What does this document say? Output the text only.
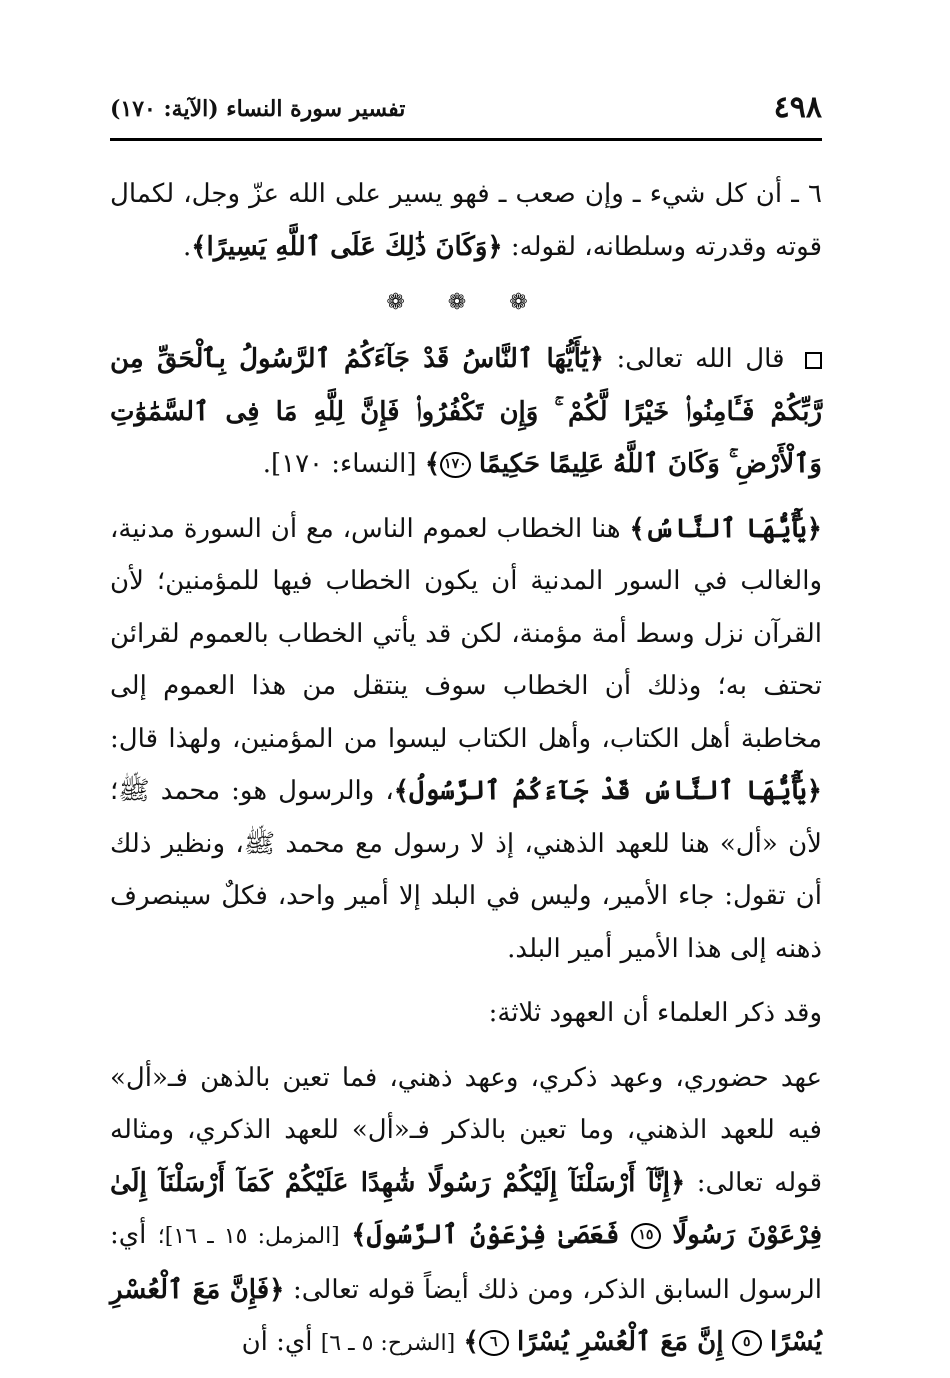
٤٩٨
تفسير سورة النساء (الآية: ١٧٠)

٦ ـ أن كل شيء ـ وإن صعب ـ فهو يسير على الله عزّ وجل، لكمال قوته وقدرته وسلطانه، لقوله: ﴿وَكَانَ ذَٰلِكَ عَلَى ٱللَّهِ يَسِيرًا﴾.

❁ ❁ ❁

قال الله تعالى: ﴿يَٰٓأَيُّهَا ٱلنَّاسُ قَدْ جَآءَكُمُ ٱلرَّسُولُ بِٱلْحَقِّ مِن رَّبِّكُمْ فَـَٔامِنُوا۟ خَيْرًا لَّكُمْ ۚ وَإِن تَكْفُرُوا۟ فَإِنَّ لِلَّهِ مَا فِى ٱلسَّمَٰوَٰتِ وَٱلْأَرْضِ ۚ وَكَانَ ٱللَّهُ عَلِيمًا حَكِيمًا ١٧٠﴾ [النساء: ١٧٠].

﴿يَٰٓأَيُّهَا ٱلنَّاسُ﴾ هنا الخطاب لعموم الناس، مع أن السورة مدنية، والغالب في السور المدنية أن يكون الخطاب فيها للمؤمنين؛ لأن القرآن نزل وسط أمة مؤمنة، لكن قد يأتي الخطاب بالعموم لقرائن تحتف به؛ وذلك أن الخطاب سوف ينتقل من هذا العموم إلى مخاطبة أهل الكتاب، وأهل الكتاب ليسوا من المؤمنين، ولهذا قال: ﴿يَٰٓأَيُّهَا ٱلنَّاسُ قَدْ جَآءَكُمُ ٱلرَّسُولُ﴾، والرسول هو: محمد ﷺ؛ لأن «أل» هنا للعهد الذهني، إذ لا رسول مع محمد ﷺ، ونظير ذلك أن تقول: جاء الأمير، وليس في البلد إلا أمير واحد، فكلٌ سينصرف ذهنه إلى هذا الأمير أمير البلد.

وقد ذكر العلماء أن العهود ثلاثة:

عهد حضوري، وعهد ذكري، وعهد ذهني، فما تعين بالذهن فـ«أل» فيه للعهد الذهني، وما تعين بالذكر فـ«أل» للعهد الذكري، ومثاله قوله تعالى: ﴿إِنَّآ أَرْسَلْنَآ إِلَيْكُمْ رَسُولًا شَٰهِدًا عَلَيْكُمْ كَمَآ أَرْسَلْنَآ إِلَىٰ فِرْعَوْنَ رَسُولًا ١٥ فَعَصَىٰ فِرْعَوْنُ ٱلرَّسُولَ﴾ [المزمل: ١٥ ـ ١٦]؛ أي: الرسول السابق الذكر، ومن ذلك أيضاً قوله تعالى: ﴿فَإِنَّ مَعَ ٱلْعُسْرِ يُسْرًا ٥ إِنَّ مَعَ ٱلْعُسْرِ يُسْرًا ٦﴾ [الشرح: ٥ ـ ٦] أي: أن
